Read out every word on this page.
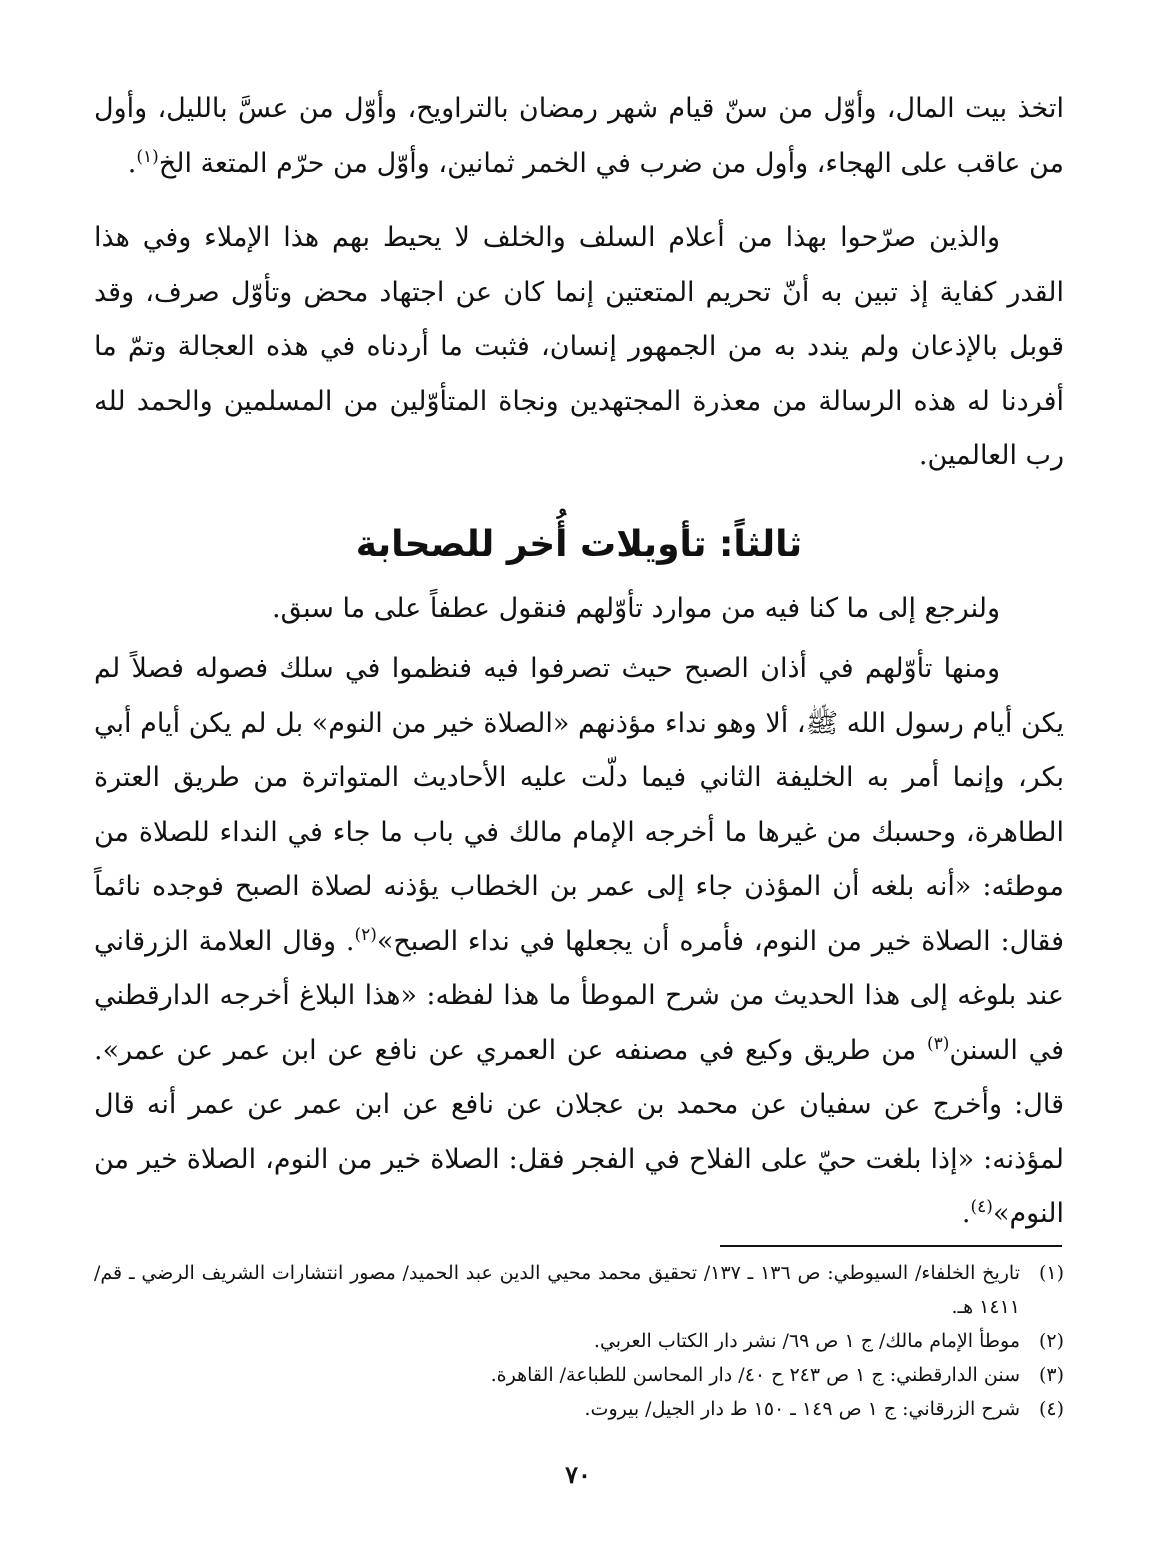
اتخذ بيت المال، وأوّل من سنّ قيام شهر رمضان بالتراويح، وأوّل من عسَّ بالليل، وأول من عاقب على الهجاء، وأول من ضرب في الخمر ثمانين، وأوّل من حرّم المتعة الخ$^{(١)}$.
والذين صرّحوا بهذا من أعلام السلف والخلف لا يحيط بهم هذا الإملاء وفي هذا القدر كفاية إذ تبين به أنّ تحريم المتعتين إنما كان عن اجتهاد محض وتأوّل صرف، وقد قوبل بالإذعان ولم يندد به من الجمهور إنسان، فثبت ما أردناه في هذه العجالة وتمّ ما أفردنا له هذه الرسالة من معذرة المجتهدين ونجاة المتأوّلين من المسلمين والحمد لله رب العالمين.
ثالثاً: تأويلات أُخر للصحابة
ولنرجع إلى ما كنا فيه من موارد تأوّلهم فنقول عطفاً على ما سبق.
ومنها تأوّلهم في أذان الصبح حيث تصرفوا فيه فنظموا في سلك فصوله فصلاً لم يكن أيام رسول الله ﷺ، ألا وهو نداء مؤذنهم «الصلاة خير من النوم» بل لم يكن أيام أبي بكر، وإنما أمر به الخليفة الثاني فيما دلّت عليه الأحاديث المتواترة من طريق العترة الطاهرة، وحسبك من غيرها ما أخرجه الإمام مالك في باب ما جاء في النداء للصلاة من موطئه: «أنه بلغه أن المؤذن جاء إلى عمر بن الخطاب يؤذنه لصلاة الصبح فوجده نائماً فقال: الصلاة خير من النوم، فأمره أن يجعلها في نداء الصبح»$^{(٢)}$. وقال العلامة الزرقاني عند بلوغه إلى هذا الحديث من شرح الموطأ ما هذا لفظه: «هذا البلاغ أخرجه الدارقطني في السنن$^{(٣)}$ من طريق وكيع في مصنفه عن العمري عن نافع عن ابن عمر عن عمر». قال: وأخرج عن سفيان عن محمد بن عجلان عن نافع عن ابن عمر عن عمر أنه قال لمؤذنه: «إذا بلغت حيّ على الفلاح في الفجر فقل: الصلاة خير من النوم، الصلاة خير من النوم»$^{(٤)}$.
(١)
تاريخ الخلفاء/ السيوطي: ص ١٣٦ ـ ١٣٧/ تحقيق محمد محيي الدين عبد الحميد/ مصور انتشارات الشريف الرضي ـ قم/ ١٤١١ هـ.
(٢)
موطأ الإمام مالك/ ج ١ ص ٦٩/ نشر دار الكتاب العربي.
(٣)
سنن الدارقطني: ج ١ ص ٢٤٣ ح ٤٠/ دار المحاسن للطباعة/ القاهرة.
(٤)
شرح الزرقاني: ج ١ ص ١٤٩ ـ ١٥٠ ط دار الجيل/ بيروت.
٧٠
